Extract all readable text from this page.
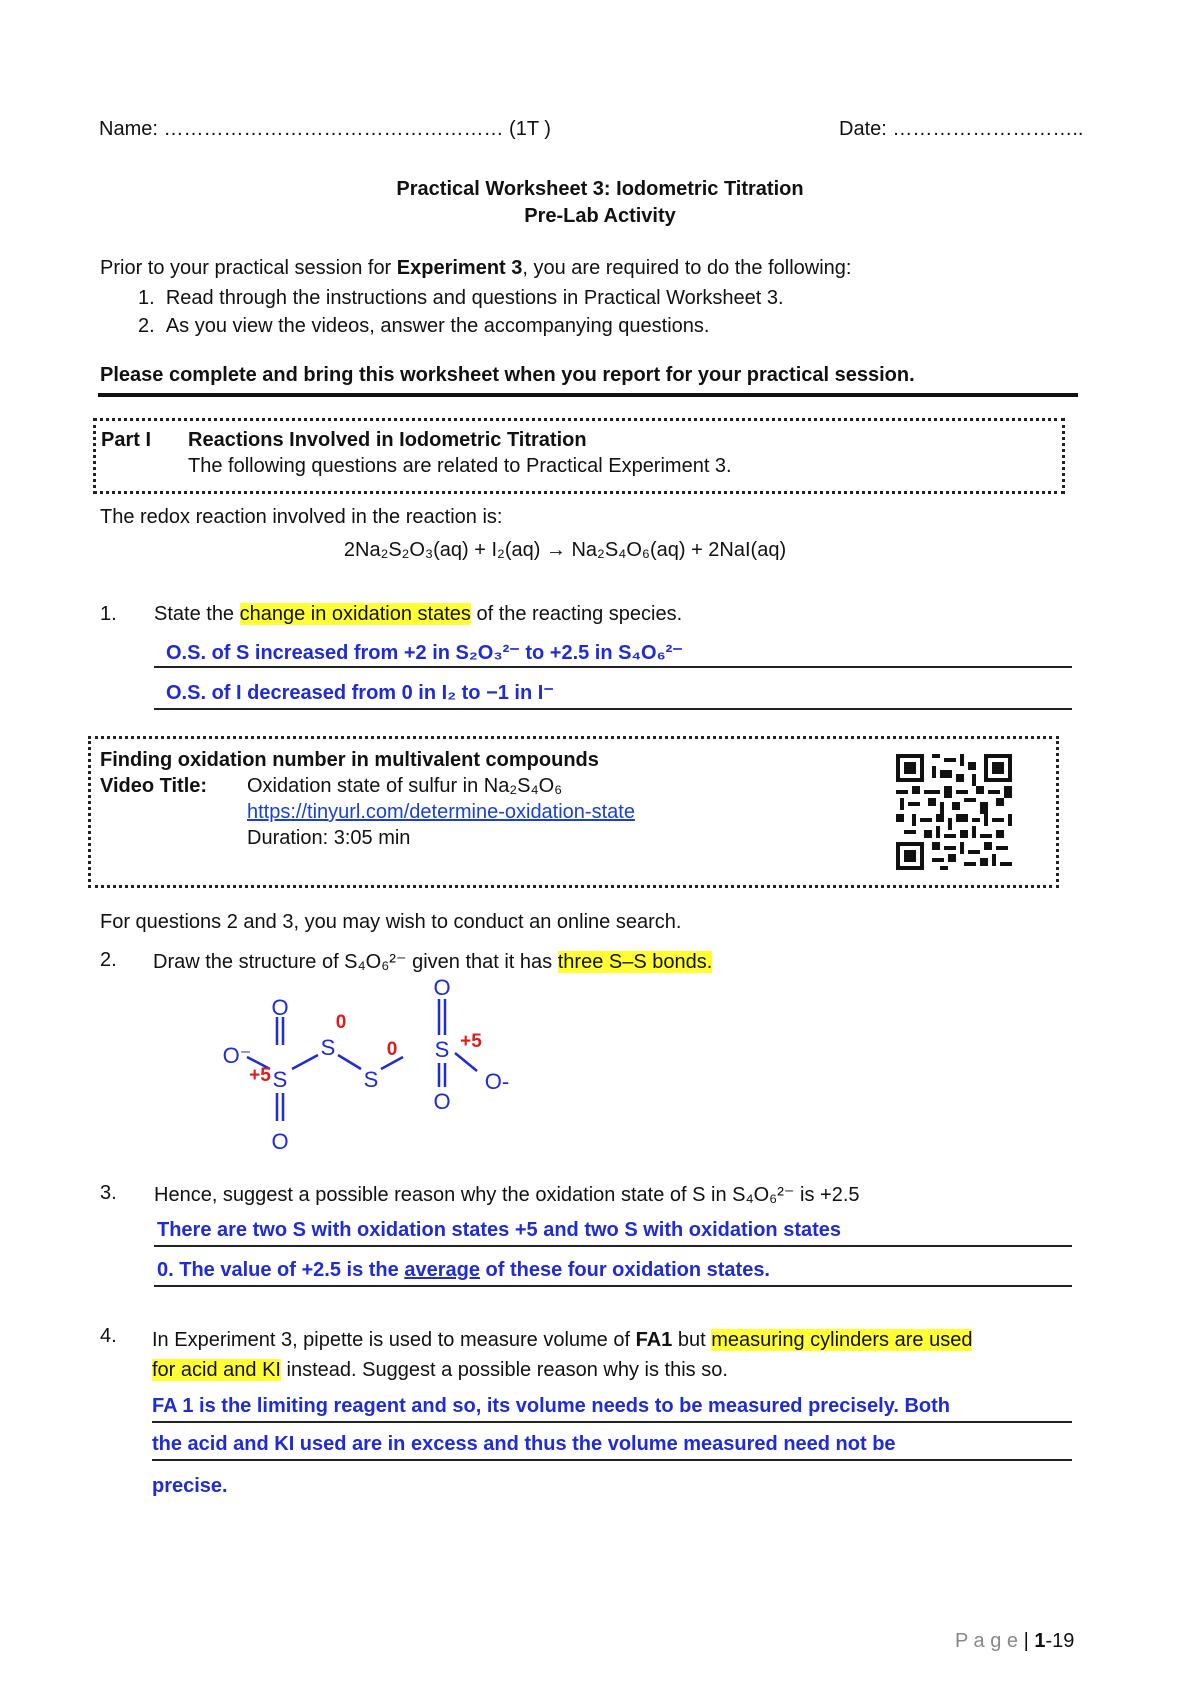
Name: …………………………………………… (1T )	Date: ………………………..
Practical Worksheet 3: Iodometric Titration
Pre-Lab Activity
Prior to your practical session for Experiment 3, you are required to do the following:
1. Read through the instructions and questions in Practical Worksheet 3.
2. As you view the videos, answer the accompanying questions.
Please complete and bring this worksheet when you report for your practical session.
Part I Reactions Involved in Iodometric Titration
The following questions are related to Practical Experiment 3.
The redox reaction involved in the reaction is:
2Na₂S₂O₃(aq) + I₂(aq) → Na₂S₄O₆(aq) + 2NaI(aq)
1. State the change in oxidation states of the reacting species.
O.S. of S increased from +2 in S₂O₃²⁻ to +2.5 in S₄O₆²⁻
O.S. of I decreased from 0 in I₂ to −1 in I⁻
Finding oxidation number in multivalent compounds
Video Title: Oxidation state of sulfur in Na₂S₄O₆
https://tinyurl.com/determine-oxidation-state
Duration: 3:05 min
For questions 2 and 3, you may wish to conduct an online search.
2. Draw the structure of S₄O₆²⁻ given that it has three S–S bonds.
O
S
O
O⁻	S
S
O
S
O
O-
+5
0
0	+5
3. Hence, suggest a possible reason why the oxidation state of S in S₄O₆²⁻ is +2.5
There are two S with oxidation states +5 and two S with oxidation states
0. The value of +2.5 is the average of these four oxidation states.
4. In Experiment 3, pipette is used to measure volume of FA1 but measuring cylinders are used
for acid and KI instead. Suggest a possible reason why is this so.
FA 1 is the limiting reagent and so, its volume needs to be measured precisely. Both
the acid and KI used are in excess and thus the volume measured need not be
precise.
P a g e | 1-19
